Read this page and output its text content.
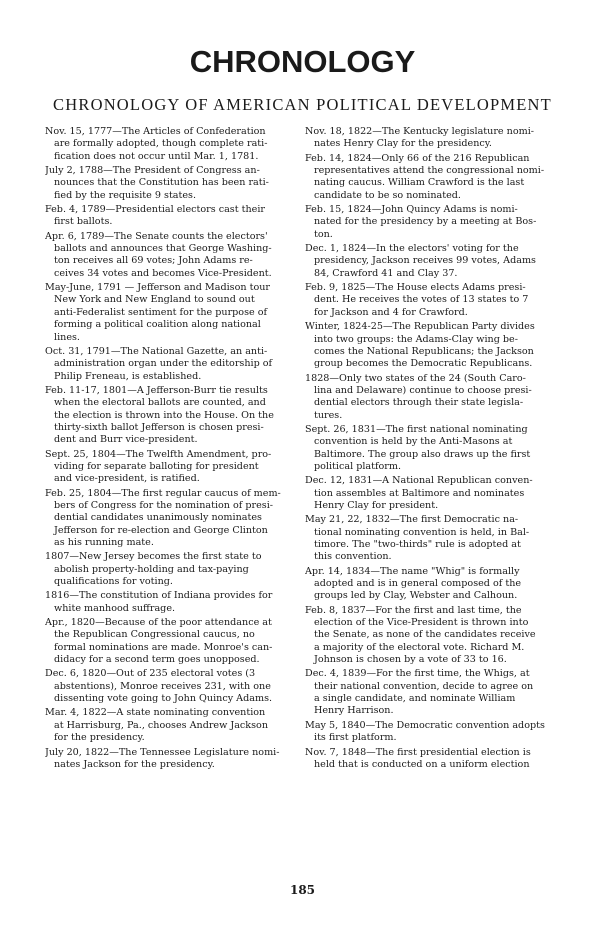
CHRONOLOGY
CHRONOLOGY OF AMERICAN POLITICAL DEVELOPMENT
Nov. 15, 1777—The Articles of Confederation
are formally adopted, though complete rati-
fication does not occur until Mar. 1, 1781.
July 2, 1788—The President of Congress an-
nounces that the Constitution has been rati-
fied by the requisite 9 states.
Feb. 4, 1789—Presidential electors cast their
first ballots.
Apr. 6, 1789—The Senate counts the electors'
ballots and announces that George Washing-
ton receives all 69 votes; John Adams re-
ceives 34 votes and becomes Vice-President.
May-June, 1791 — Jefferson and Madison tour
New York and New England to sound out
anti-Federalist sentiment for the purpose of
forming a political coalition along national
lines.
Oct. 31, 1791—The National Gazette, an anti-
administration organ under the editorship of
Philip Freneau, is established.
Feb. 11-17, 1801—A Jefferson-Burr tie results
when the electoral ballots are counted, and
the election is thrown into the House. On the
thirty-sixth ballot Jefferson is chosen presi-
dent and Burr vice-president.
Sept. 25, 1804—The Twelfth Amendment, pro-
viding for separate balloting for president
and vice-president, is ratified.
Feb. 25, 1804—The first regular caucus of mem-
bers of Congress for the nomination of presi-
dential candidates unanimously nominates
Jefferson for re-election and George Clinton
as his running mate.
1807—New Jersey becomes the first state to
abolish property-holding and tax-paying
qualifications for voting.
1816—The constitution of Indiana provides for
white manhood suffrage.
Apr., 1820—Because of the poor attendance at
the Republican Congressional caucus, no
formal nominations are made. Monroe's can-
didacy for a second term goes unopposed.
Dec. 6, 1820—Out of 235 electoral votes (3
abstentions), Monroe receives 231, with one
dissenting vote going to John Quincy Adams.
Mar. 4, 1822—A state nominating convention
at Harrisburg, Pa., chooses Andrew Jackson
for the presidency.
July 20, 1822—The Tennessee Legislature nomi-
nates Jackson for the presidency.
Nov. 18, 1822—The Kentucky legislature nomi-
nates Henry Clay for the presidency.
Feb. 14, 1824—Only 66 of the 216 Republican
representatives attend the congressional nomi-
nating caucus. William Crawford is the last
candidate to be so nominated.
Feb. 15, 1824—John Quincy Adams is nomi-
nated for the presidency by a meeting at Bos-
ton.
Dec. 1, 1824—In the electors' voting for the
presidency, Jackson receives 99 votes, Adams
84, Crawford 41 and Clay 37.
Feb. 9, 1825—The House elects Adams presi-
dent. He receives the votes of 13 states to 7
for Jackson and 4 for Crawford.
Winter, 1824-25—The Republican Party divides
into two groups: the Adams-Clay wing be-
comes the National Republicans; the Jackson
group becomes the Democratic Republicans.
1828—Only two states of the 24 (South Caro-
lina and Delaware) continue to choose presi-
dential electors through their state legisla-
tures.
Sept. 26, 1831—The first national nominating
convention is held by the Anti-Masons at
Baltimore. The group also draws up the first
political platform.
Dec. 12, 1831—A National Republican conven-
tion assembles at Baltimore and nominates
Henry Clay for president.
May 21, 22, 1832—The first Democratic na-
tional nominating convention is held, in Bal-
timore. The "two-thirds" rule is adopted at
this convention.
Apr. 14, 1834—The name "Whig" is formally
adopted and is in general composed of the
groups led by Clay, Webster and Calhoun.
Feb. 8, 1837—For the first and last time, the
election of the Vice-President is thrown into
the Senate, as none of the candidates receive
a majority of the electoral vote. Richard M.
Johnson is chosen by a vote of 33 to 16.
Dec. 4, 1839—For the first time, the Whigs, at
their national convention, decide to agree on
a single candidate, and nominate William
Henry Harrison.
May 5, 1840—The Democratic convention adopts
its first platform.
Nov. 7, 1848—The first presidential election is
held that is conducted on a uniform election
185
